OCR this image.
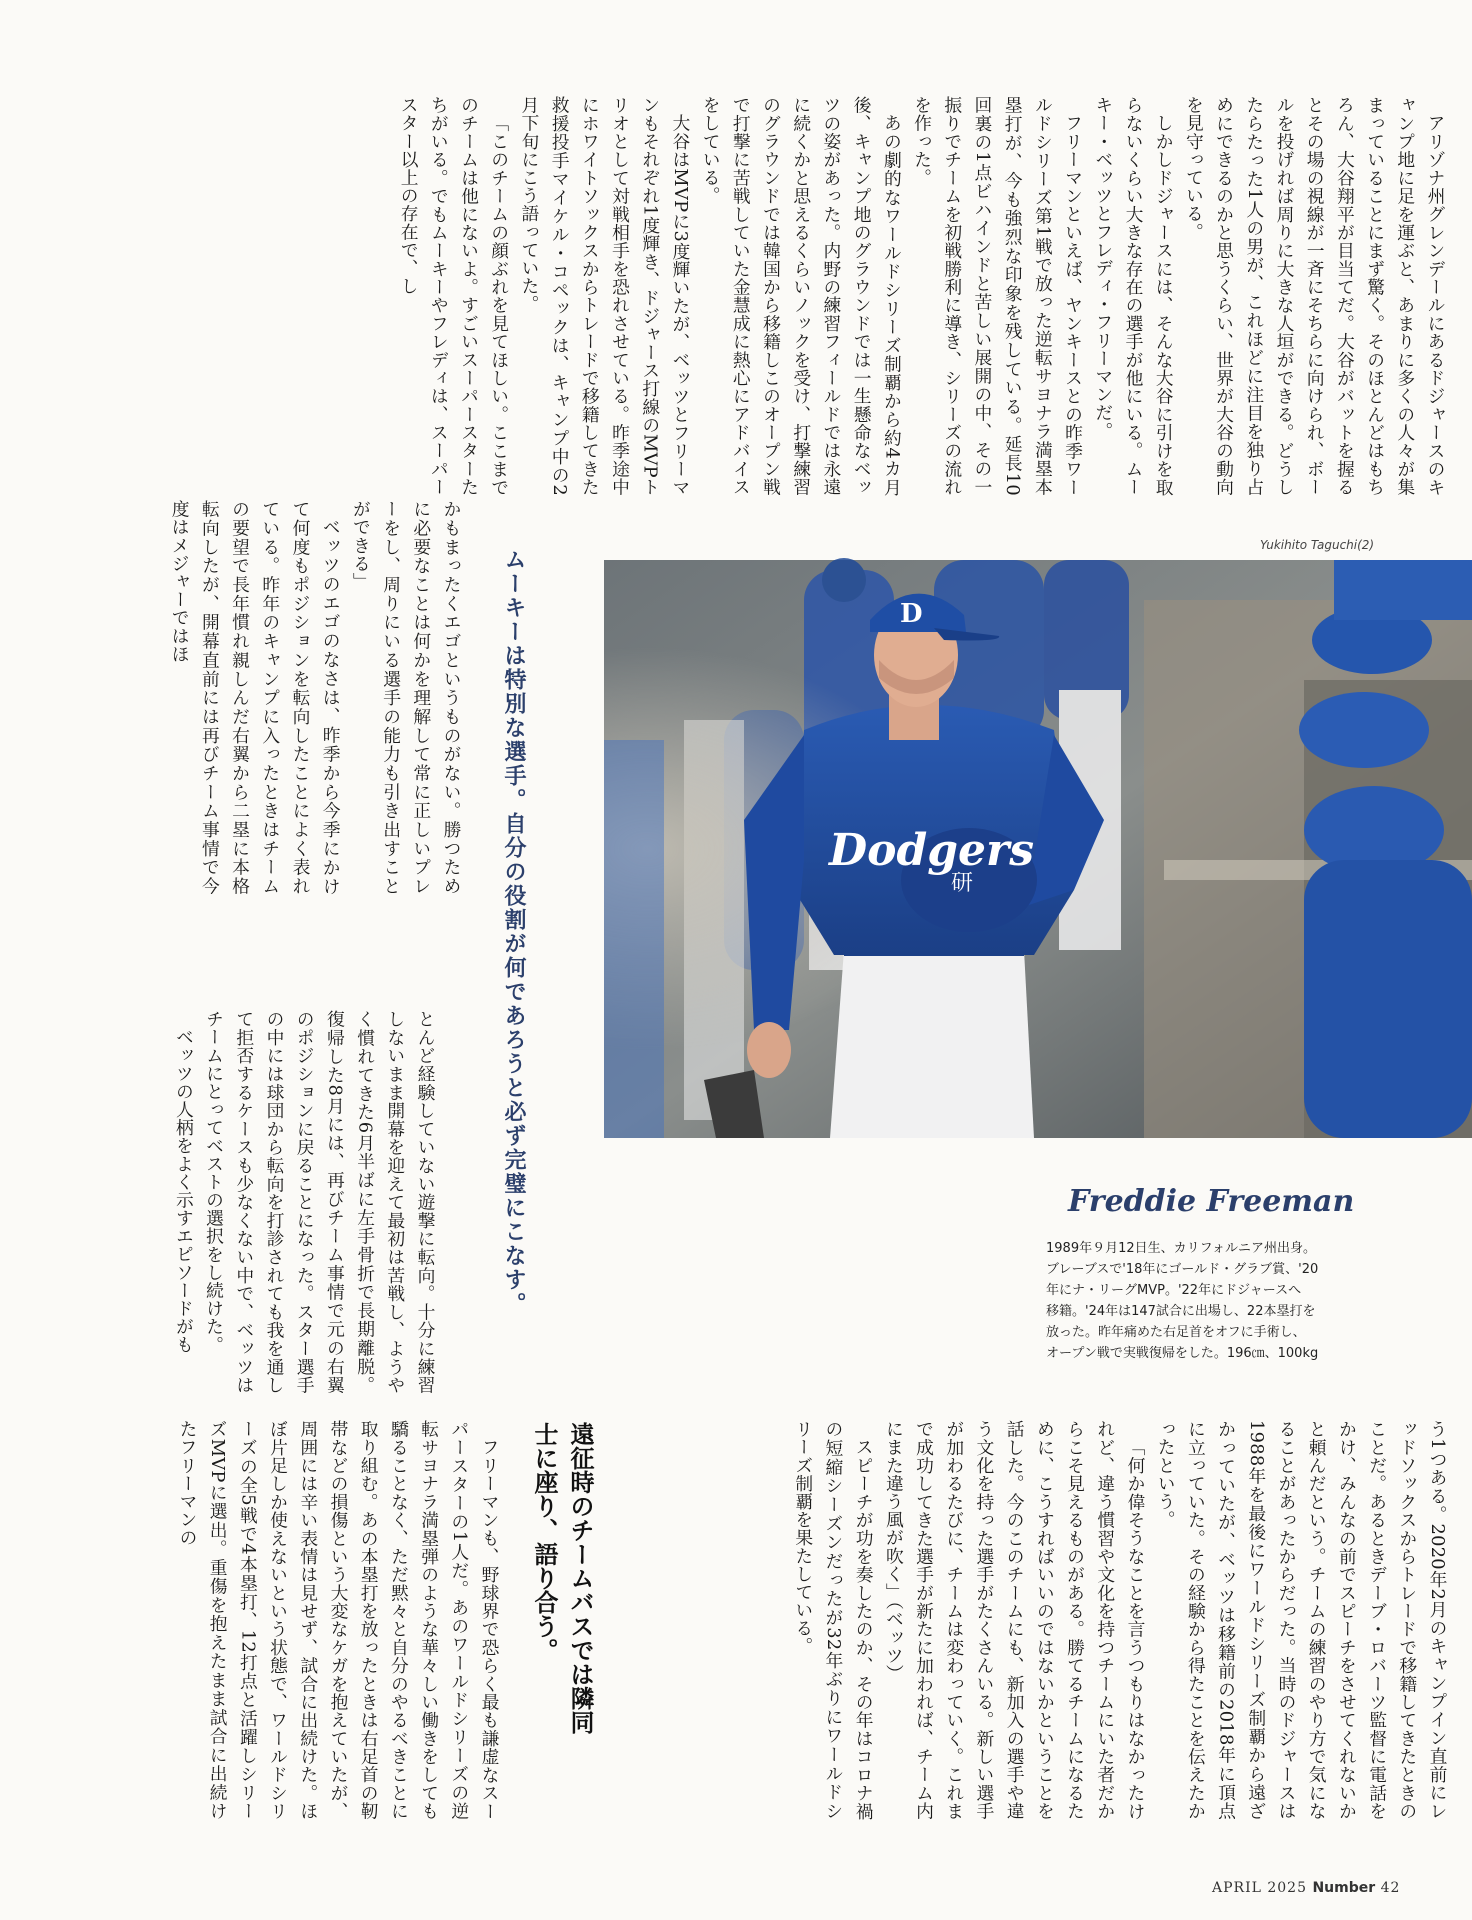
アリゾナ州グレンデールにあるドジャースのキャンプ地に足を運ぶと、あまりに多くの人々が集まっていることにまず驚く。そのほとんどはもちろん、大谷翔平が目当てだ。大谷がバットを握るとその場の視線が一斉にそちらに向けられ、ボールを投げれば周りに大きな人垣ができる。どうしたらたった1人の男が、これほどに注目を独り占めにできるのかと思うくらい、世界が大谷の動向を見守っている。

しかしドジャースには、そんな大谷に引けを取らないくらい大きな存在の選手が他にいる。ムーキー・ベッツとフレディ・フリーマンだ。

フリーマンといえば、ヤンキースとの昨季ワールドシリーズ第1戦で放った逆転サヨナラ満塁本塁打が、今も強烈な印象を残している。延長10回裏の1点ビハインドと苦しい展開の中、その一振りでチームを初戦勝利に導き、シリーズの流れを作った。

あの劇的なワールドシリーズ制覇から約4カ月後、キャンプ地のグラウンドでは一生懸命なベッツの姿があった。内野の練習フィールドでは永遠に続くかと思えるくらいノックを受け、打撃練習のグラウンドでは韓国から移籍しこのオープン戦で打撃に苦戦していた金慧成に熱心にアドバイスをしている。

大谷はMVPに3度輝いたが、ベッツとフリーマンもそれぞれ1度輝き、ドジャース打線のMVPトリオとして対戦相手を恐れさせている。昨季途中にホワイトソックスからトレードで移籍してきた救援投手マイケル・コペックは、キャンプ中の2月下旬にこう語っていた。

「このチームの顔ぶれを見てほしい。ここまでのチームは他にないよ。すごいスーパースターたちがいる。でもムーキーやフレディは、スーパースター以上の存在で、し

ムーキーは特別な選手。自分の役割が何であろうと必ず完璧にこなす。

かもまったくエゴというものがない。勝つために必要なことは何かを理解して常に正しいプレーをし、周りにいる選手の能力も引き出すことができる」

ベッツのエゴのなさは、昨季から今季にかけて何度もポジションを転向したことによく表れている。昨年のキャンプに入ったときはチームの要望で長年慣れ親しんだ右翼から二塁に本格転向したが、開幕直前には再びチーム事情で今度はメジャーではほ

とんど経験していない遊撃に転向。十分に練習しないまま開幕を迎えて最初は苦戦し、ようやく慣れてきた6月半ばに左手骨折で長期離脱。復帰した8月には、再びチーム事情で元の右翼のポジションに戻ることになった。スター選手の中には球団から転向を打診されても我を通して拒否するケースも少なくない中で、ベッツはチームにとってベストの選択をし続けた。

ベッツの人柄をよく示すエピソードがも

Yukihito Taguchi(2)
研
Dodgers
D
Freddie Freeman
1989年９月12日生、カリフォルニア州出身。
ブレーブスで'18年にゴールド・グラブ賞、'20
年にナ・リーグMVP。'22年にドジャースへ
移籍。'24年は147試合に出場し、22本塁打を
放った。昨年痛めた右足首をオフに手術し、
オープン戦で実戦復帰をした。196㎝、100kg

う1つある。2020年2月のキャンプイン直前にレッドソックスからトレードで移籍してきたときのことだ。あるときデーブ・ロバーツ監督に電話をかけ、みんなの前でスピーチをさせてくれないかと頼んだという。チームの練習のやり方で気になることがあったからだった。当時のドジャースは1988年を最後にワールドシリーズ制覇から遠ざかっていたが、ベッツは移籍前の2018年に頂点に立っていた。その経験から得たことを伝えたかったという。

「何か偉そうなことを言うつもりはなかったけれど、違う慣習や文化を持つチームにいた者だからこそ見えるものがある。勝てるチームになるために、こうすればいいのではないかということを話した。今のこのチームにも、新加入の選手や違う文化を持った選手がたくさんいる。新しい選手が加わるたびに、チームは変わっていく。これまで成功してきた選手が新たに加われば、チーム内にまた違う風が吹く」（ベッツ）

スピーチが功を奏したのか、その年はコロナ禍の短縮シーズンだったが32年ぶりにワールドシリーズ制覇を果たしている。

遠征時のチームバスでは隣同士に座り、語り合う。

フリーマンも、野球界で恐らく最も謙虚なスーパースターの1人だ。あのワールドシリーズの逆転サヨナラ満塁弾のような華々しい働きをしても驕ることなく、ただ黙々と自分のやるべきことに取り組む。あの本塁打を放ったときは右足首の靭帯などの損傷という大変なケガを抱えていたが、周囲には辛い表情は見せず、試合に出続けた。ほぼ片足しか使えないという状態で、ワールドシリーズの全5戦で4本塁打、12打点と活躍しシリーズMVPに選出。重傷を抱えたまま試合に出続けたフリーマンの

APRIL 2025 Number 42
